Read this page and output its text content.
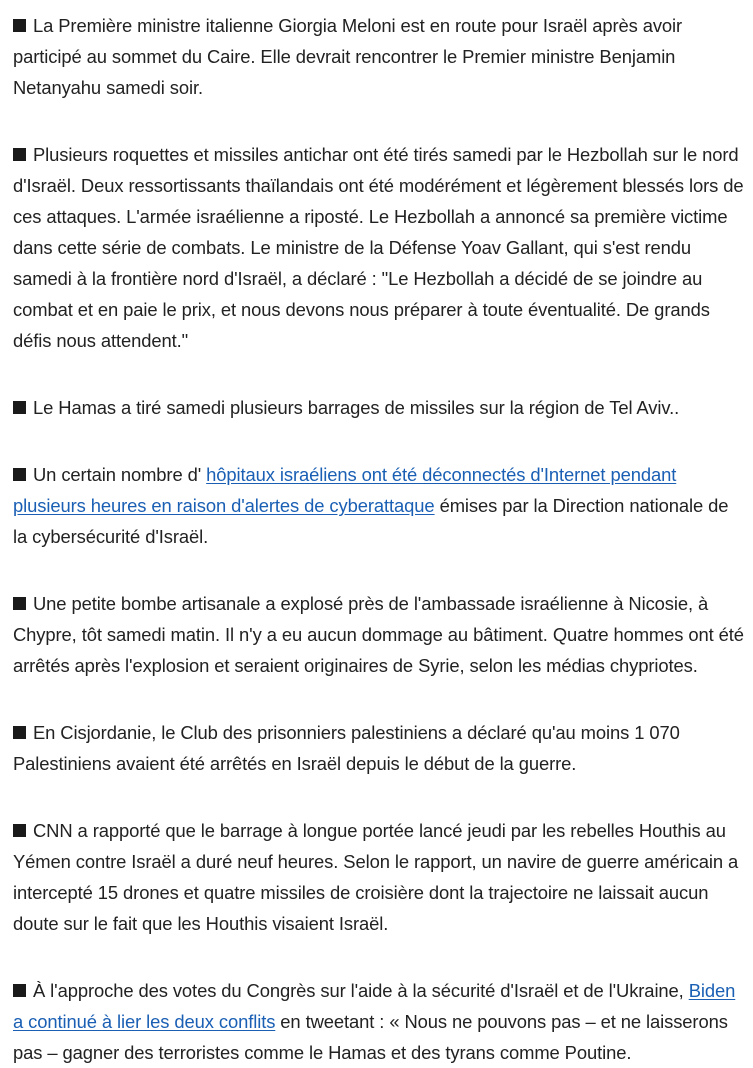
La Première ministre italienne Giorgia Meloni est en route pour Israël après avoir participé au sommet du Caire. Elle devrait rencontrer le Premier ministre Benjamin Netanyahu samedi soir.

Plusieurs roquettes et missiles antichar ont été tirés samedi par le Hezbollah sur le nord d'Israël. Deux ressortissants thaïlandais ont été modérément et légèrement blessés lors de ces attaques. L'armée israélienne a riposté. Le Hezbollah a annoncé sa première victime dans cette série de combats. Le ministre de la Défense Yoav Gallant, qui s'est rendu samedi à la frontière nord d'Israël, a déclaré : "Le Hezbollah a décidé de se joindre au combat et en paie le prix, et nous devons nous préparer à toute éventualité. De grands défis nous attendent."

Le Hamas a tiré samedi plusieurs barrages de missiles sur la région de Tel Aviv..

Un certain nombre d' hôpitaux israéliens ont été déconnectés d'Internet pendant plusieurs heures en raison d'alertes de cyberattaque émises par la Direction nationale de la cybersécurité d'Israël.

Une petite bombe artisanale a explosé près de l'ambassade israélienne à Nicosie, à Chypre, tôt samedi matin. Il n'y a eu aucun dommage au bâtiment. Quatre hommes ont été arrêtés après l'explosion et seraient originaires de Syrie, selon les médias chypriotes.

En Cisjordanie, le Club des prisonniers palestiniens a déclaré qu'au moins 1 070 Palestiniens avaient été arrêtés en Israël depuis le début de la guerre.

CNN a rapporté que le barrage à longue portée lancé jeudi par les rebelles Houthis au Yémen contre Israël a duré neuf heures. Selon le rapport, un navire de guerre américain a intercepté 15 drones et quatre missiles de croisière dont la trajectoire ne laissait aucun doute sur le fait que les Houthis visaient Israël.

À l'approche des votes du Congrès sur l'aide à la sécurité d'Israël et de l'Ukraine, Biden a continué à lier les deux conflits en tweetant : « Nous ne pouvons pas – et ne laisserons pas – gagner des terroristes comme le Hamas et des tyrans comme Poutine.
